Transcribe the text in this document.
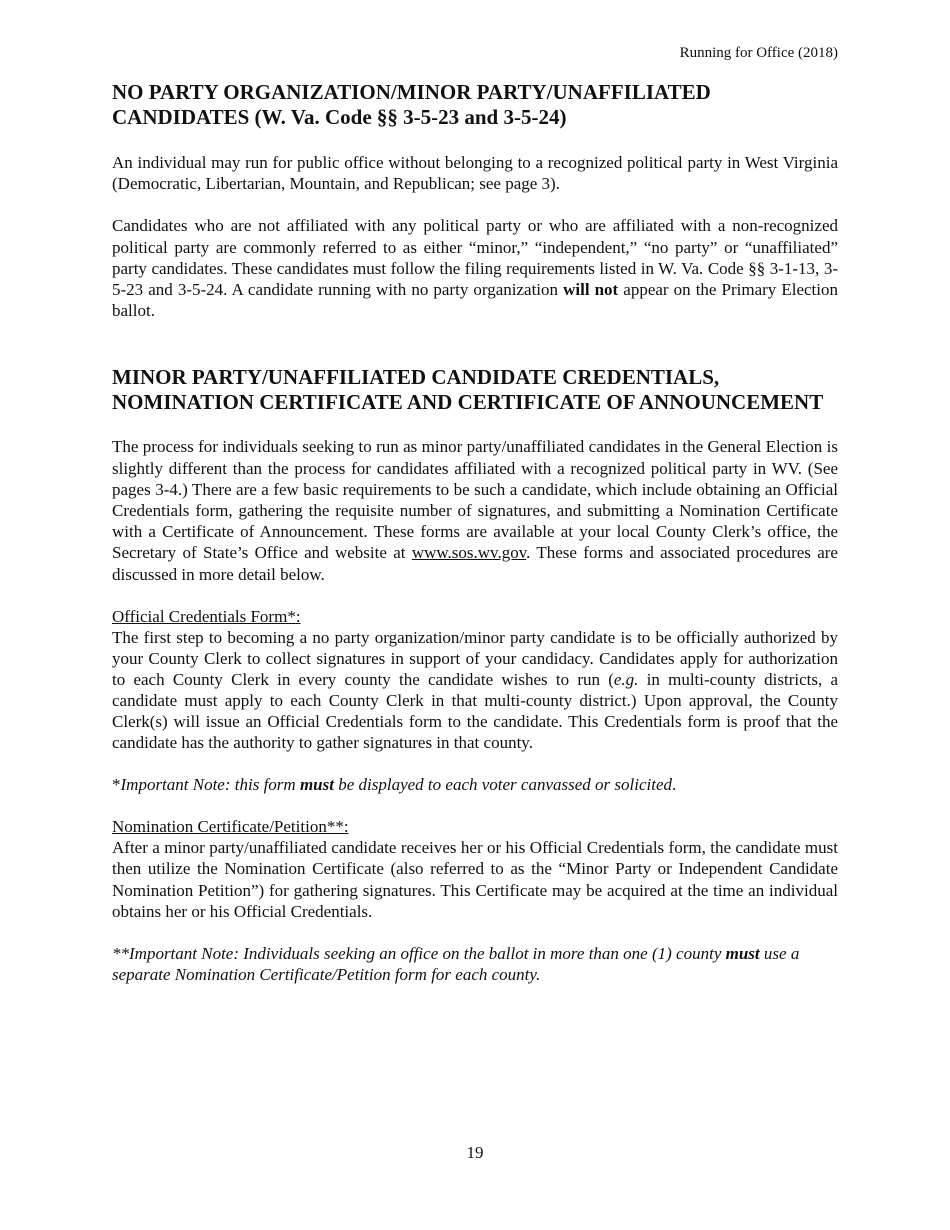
Running for Office (2018)
NO PARTY ORGANIZATION/MINOR PARTY/UNAFFILIATED CANDIDATES (W. Va. Code §§ 3-5-23 and 3-5-24)

An individual may run for public office without belonging to a recognized political party in West Virginia (Democratic, Libertarian, Mountain, and Republican; see page 3).

Candidates who are not affiliated with any political party or who are affiliated with a non-recognized political party are commonly referred to as either “minor,” “independent,” “no party” or “unaffiliated” party candidates. These candidates must follow the filing requirements listed in W. Va. Code §§ 3-1-13, 3-5-23 and 3-5-24. A candidate running with no party organization will not appear on the Primary Election ballot.

MINOR PARTY/UNAFFILIATED CANDIDATE CREDENTIALS, NOMINATION CERTIFICATE AND CERTIFICATE OF ANNOUNCEMENT

The process for individuals seeking to run as minor party/unaffiliated candidates in the General Election is slightly different than the process for candidates affiliated with a recognized political party in WV. (See pages 3-4.) There are a few basic requirements to be such a candidate, which include obtaining an Official Credentials form, gathering the requisite number of signatures, and submitting a Nomination Certificate with a Certificate of Announcement. These forms are available at your local County Clerk’s office, the Secretary of State’s Office and website at www.sos.wv.gov. These forms and associated procedures are discussed in more detail below.

Official Credentials Form*:
The first step to becoming a no party organization/minor party candidate is to be officially authorized by your County Clerk to collect signatures in support of your candidacy. Candidates apply for authorization to each County Clerk in every county the candidate wishes to run (e.g. in multi-county districts, a candidate must apply to each County Clerk in that multi-county district.) Upon approval, the County Clerk(s) will issue an Official Credentials form to the candidate. This Credentials form is proof that the candidate has the authority to gather signatures in that county.

*Important Note: this form must be displayed to each voter canvassed or solicited.

Nomination Certificate/Petition**:
After a minor party/unaffiliated candidate receives her or his Official Credentials form, the candidate must then utilize the Nomination Certificate (also referred to as the “Minor Party or Independent Candidate Nomination Petition”) for gathering signatures. This Certificate may be acquired at the time an individual obtains her or his Official Credentials.

**Important Note: Individuals seeking an office on the ballot in more than one (1) county must use a separate Nomination Certificate/Petition form for each county.

19
